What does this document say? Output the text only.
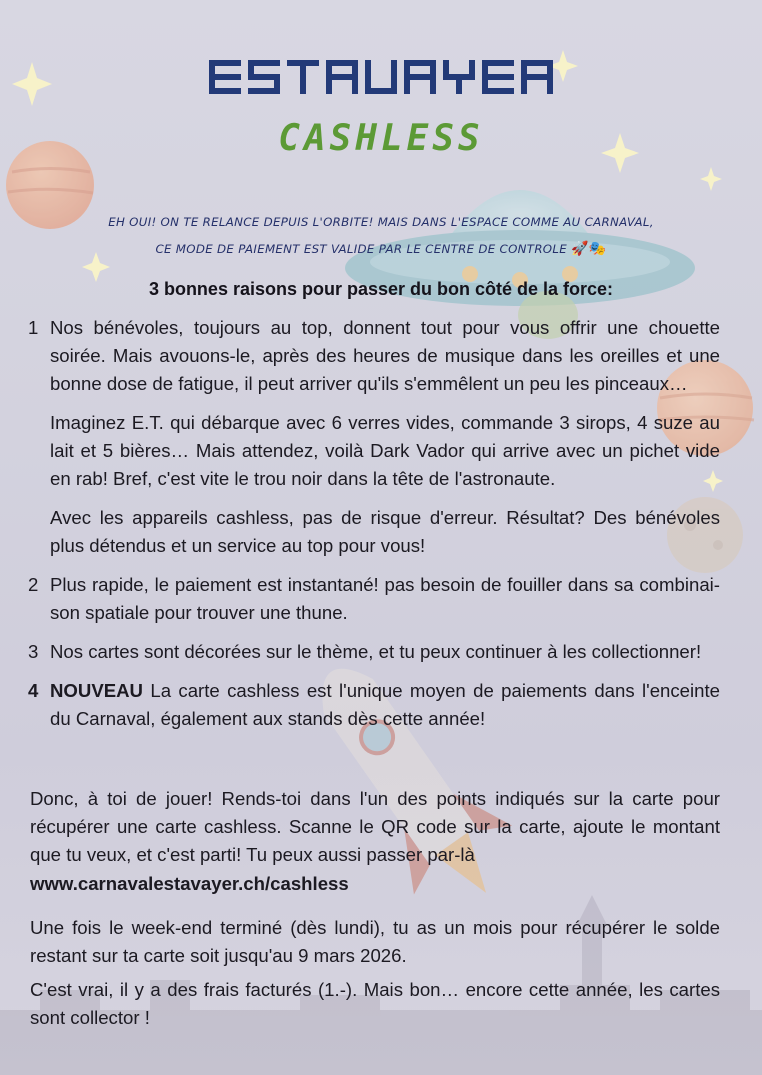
CASHLESS
EH OUI! ON TE RELANCE DEPUIS L'ORBITE! MAIS DANS L'ESPACE COMME AU CARNAVAL,
CE MODE DE PAIEMENT EST VALIDE PAR LE CENTRE DE CONTROLE 🚀🎭
3 bonnes raisons pour passer du bon côté de la force:
1 Nos bénévoles, toujours au top, donnent tout pour vous offrir une chouette soirée. Mais avouons-le, après des heures de musique dans les oreilles et une bonne dose de fatigue, il peut arriver qu'ils s'emmêlent un peu les pinceaux…

Imaginez E.T. qui débarque avec 6 verres vides, commande 3 sirops, 4 suze au lait et 5 bières… Mais attendez, voilà Dark Vador qui arrive avec un pichet vide en rab! Bref, c'est vite le trou noir dans la tête de l'astronaute.

Avec les appareils cashless, pas de risque d'erreur. Résultat? Des bénévoles plus détendus et un service au top pour vous!

2 Plus rapide, le paiement est instantané! pas besoin de fouiller dans sa combinai-son spatiale pour trouver une thune.

3 Nos cartes sont décorées sur le thème, et tu peux continuer à les collectionner!

4 NOUVEAU La carte cashless est l'unique moyen de paiements dans l'enceinte du Carnaval, également aux stands dès cette année!

Donc, à toi de jouer! Rends-toi dans l'un des points indiqués sur la carte pour récupérer une carte cashless. Scanne le QR code sur la carte, ajoute le montant que tu veux, et c'est parti! Tu peux aussi passer par-là

www.carnavalestavayer.ch/cashless

Une fois le week-end terminé (dès lundi), tu as un mois pour récupérer le solde restant sur ta carte soit jusqu'au 9 mars 2026.

C'est vrai, il y a des frais facturés (1.-). Mais bon… encore cette année, les cartes sont collector !
